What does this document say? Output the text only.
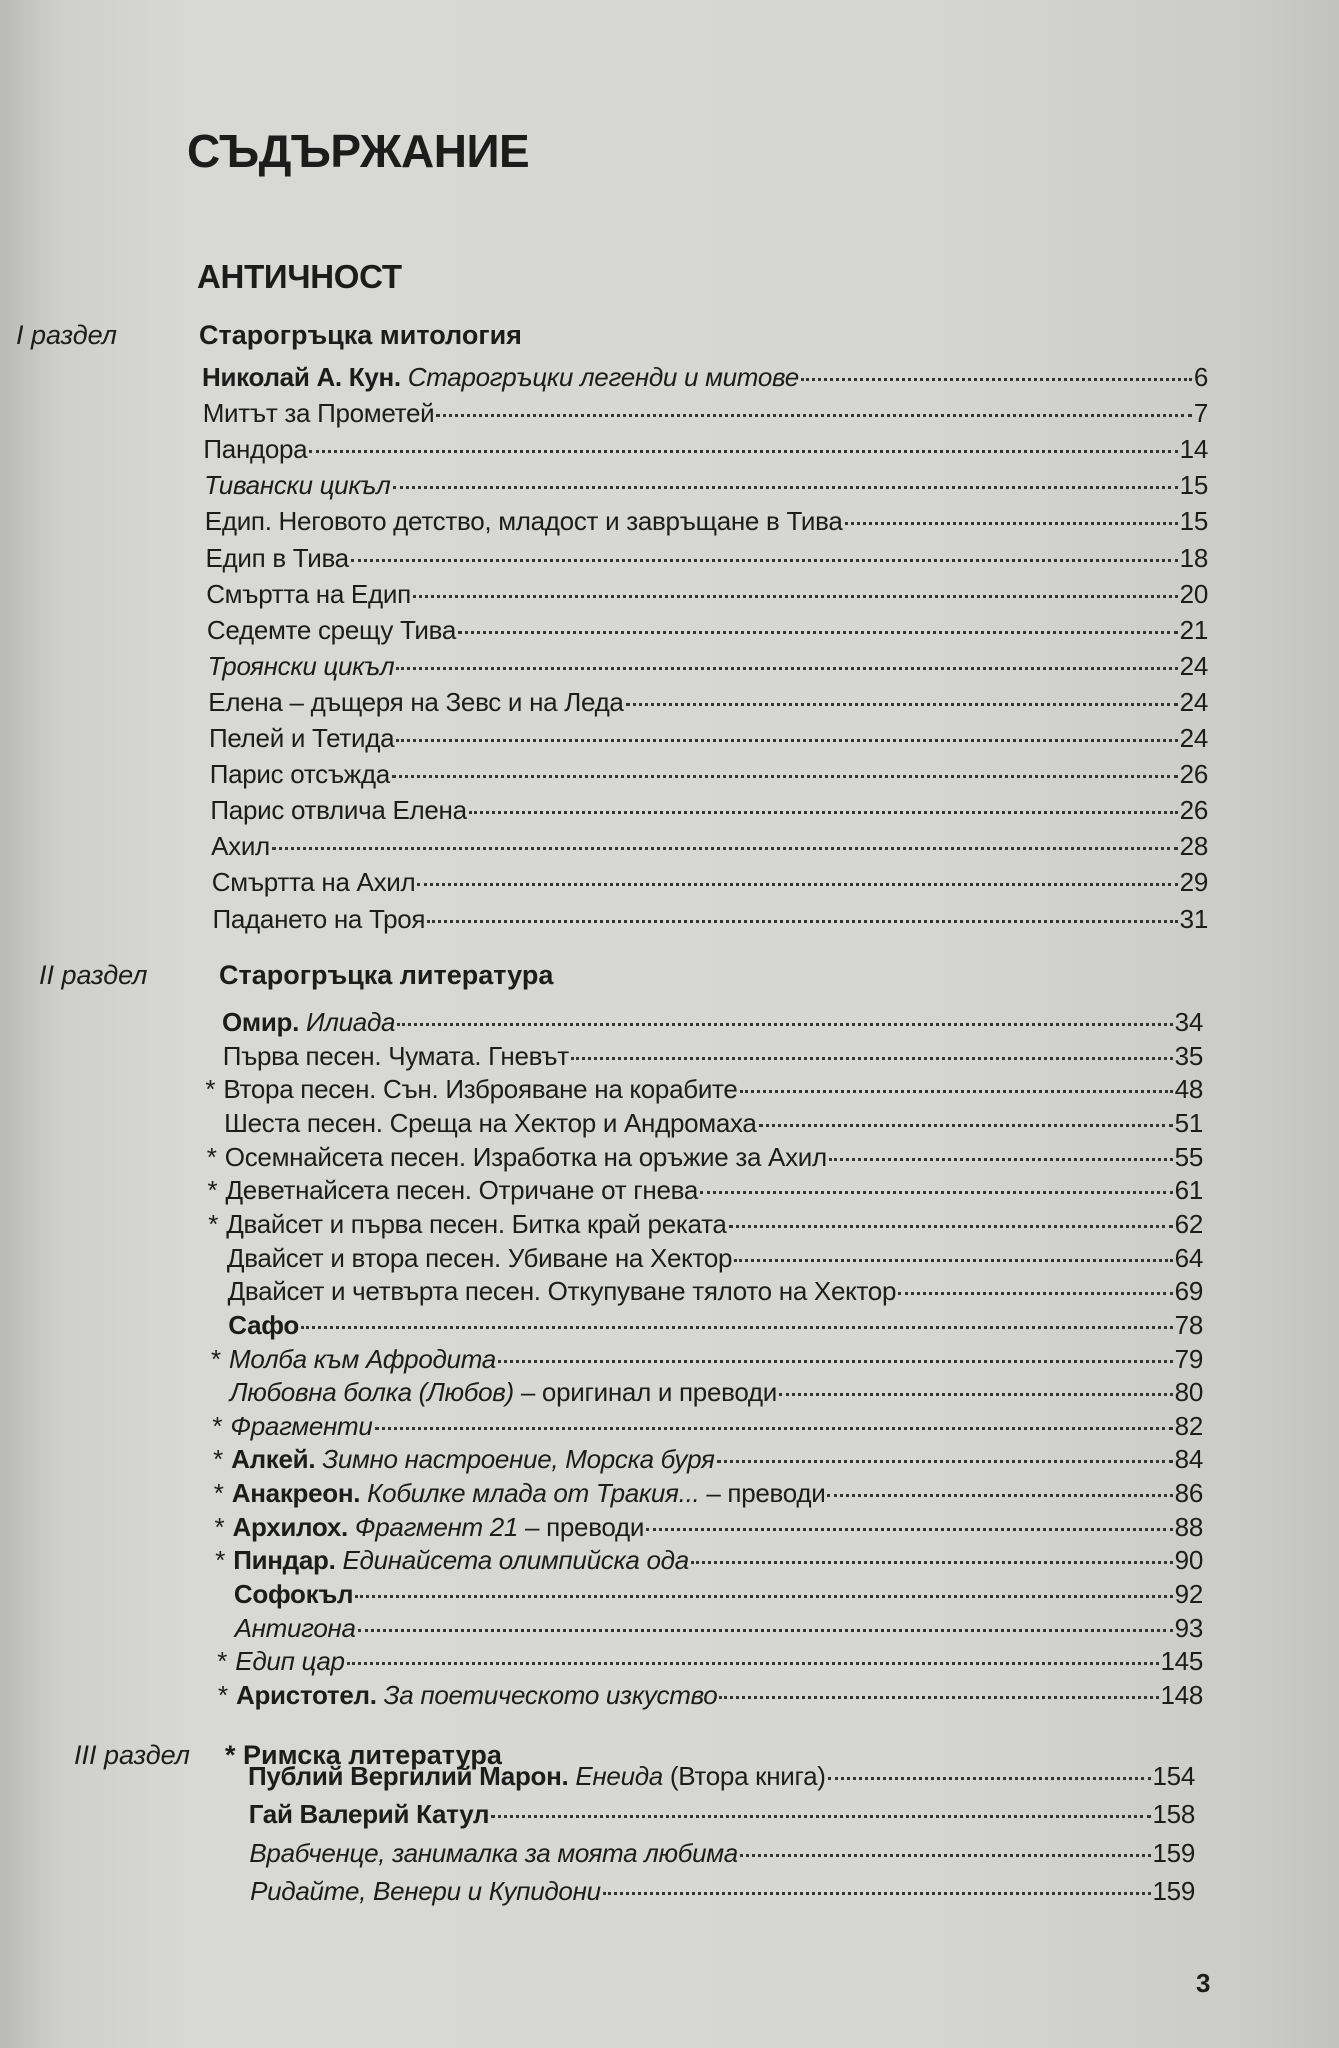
СЪДЪРЖАНИЕ
АНТИЧНОСТ
I раздел	Старогръцка митология
Николай А. Кун. Старогръцки легенди и митове	6
Митът за Прометей	7
Пандора	14
Тивански цикъл	15
Едип. Неговото детство, младост и завръщане в Тива	15
Едип в Тива	18
Смъртта на Едип	20
Седемте срещу Тива	21
Троянски цикъл	24
Елена – дъщеря на Зевс и на Леда	24
Пелей и Тетида	24
Парис отсъжда	26
Парис отвлича Елена	26
Ахил	28
Смъртта на Ахил	29
Падането на Троя	31
II раздел	Старогръцка литература
Омир. Илиада	34
Първа песен. Чумата. Гневът	35
* Втора песен. Сън. Изброяване на корабите	48
Шеста песен. Среща на Хектор и Андромаха	51
* Осемнайсета песен. Изработка на оръжие за Ахил	55
* Деветнайсета песен. Отричане от гнева	61
* Двайсет и първа песен. Битка край реката	62
Двайсет и втора песен. Убиване на Хектор	64
Двайсет и четвърта песен. Откупуване тялото на Хектор	69
Сафо	78
* Молба към Афродита	79
Любовна болка (Любов) – оригинал и преводи	80
* Фрагменти	82
* Алкей. Зимно настроение, Морска буря	84
* Анакреон. Кобилке млада от Тракия... – преводи	86
* Архилох. Фрагмент 21 – преводи	88
* Пиндар. Единайсета олимпийска ода	90
Софокъл	92
Антигона	93
* Едип цар	145
* Аристотел. За поетическото изкуство	148
III раздел * Римска литература
Публий Вергилий Марон. Енеида (Втора книга)	154
Гай Валерий Катул	158
Врабченце, занималка за моята любима	159
Ридайте, Венери и Купидони	159
3
